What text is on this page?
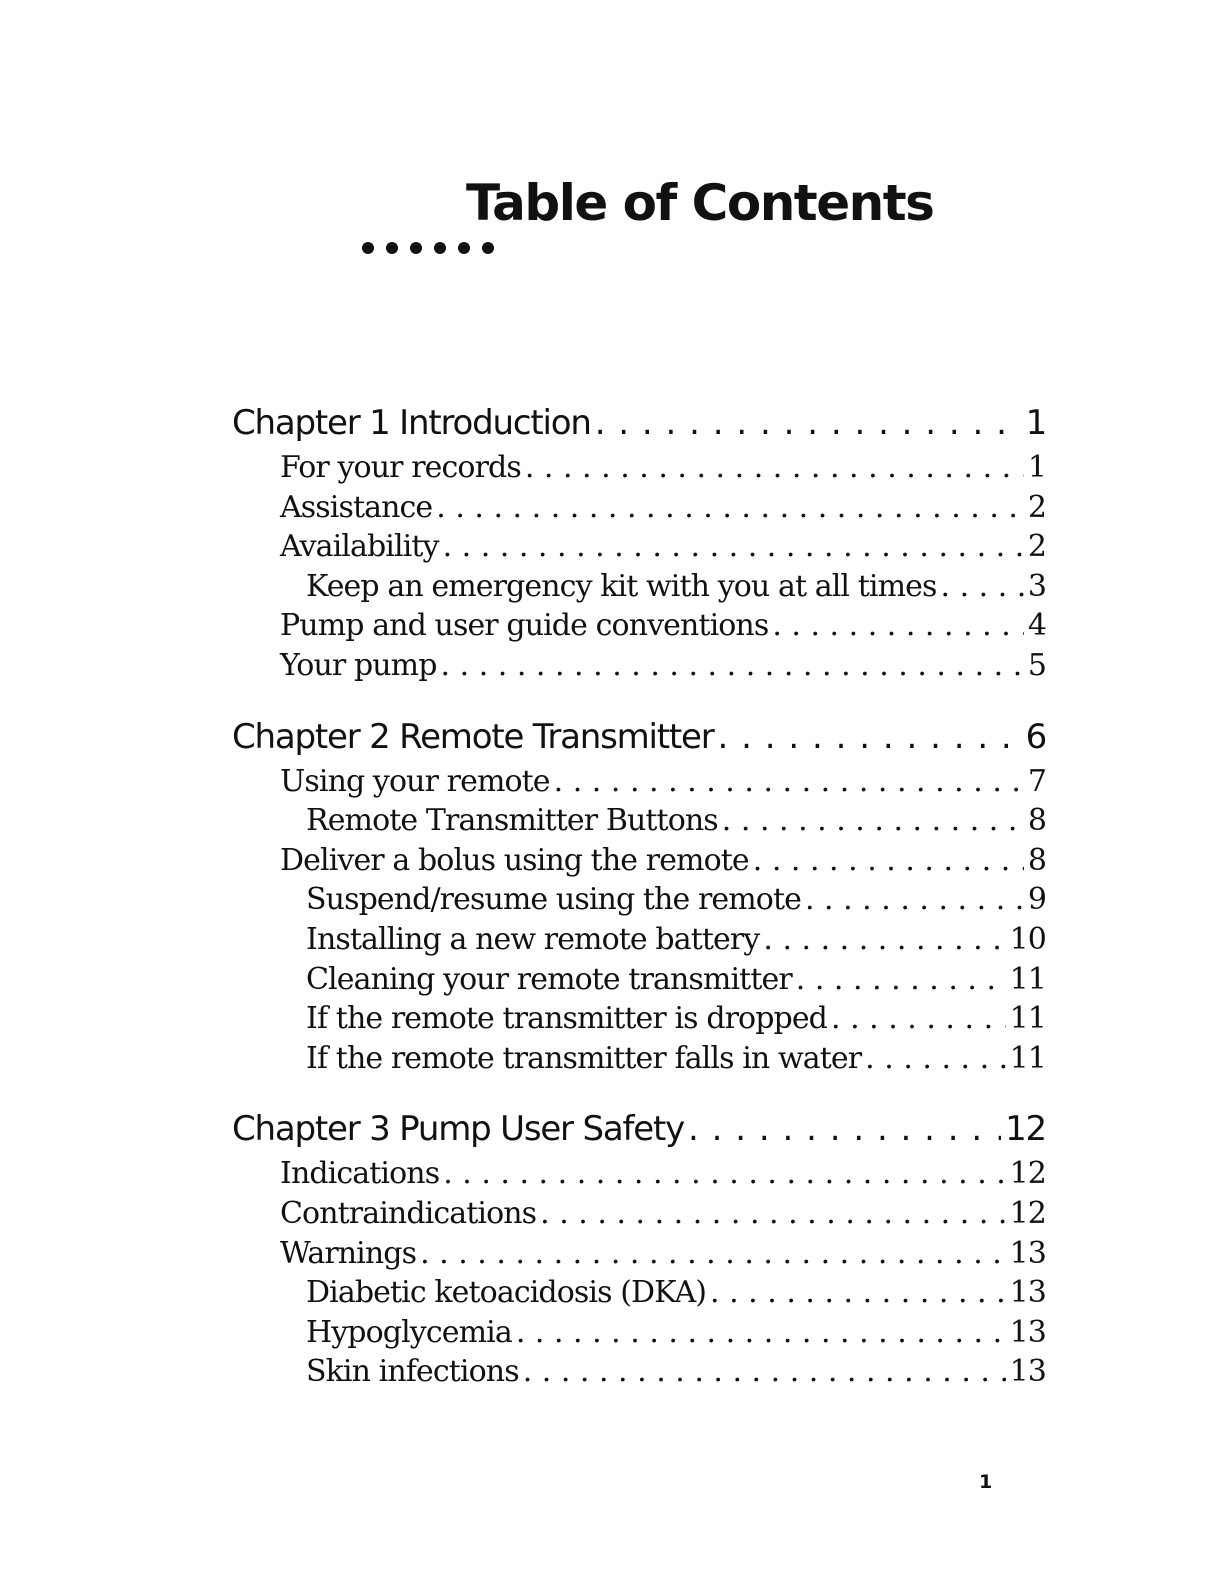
Table of Contents
Chapter 1 Introduction . . .	1
For your records . . .	1
Assistance . . .	2
Availability . . .	2
Keep an emergency kit with you at all times . . .	3
Pump and user guide conventions . . .	4
Your pump . . .	5
Chapter 2 Remote Transmitter . . .	6
Using your remote . . .	7
Remote Transmitter Buttons . . .	8
Deliver a bolus using the remote . . .	8
Suspend/resume using the remote . . .	9
Installing a new remote battery . . .	10
Cleaning your remote transmitter . . .	11
If the remote transmitter is dropped . . .	11
If the remote transmitter falls in water . . .	11
Chapter 3 Pump User Safety . . .	12
Indications . . .	12
Contraindications . . .	12
Warnings . . .	13
Diabetic ketoacidosis (DKA) . . .	13
Hypoglycemia . . .	13
Skin infections . . .	13
1
